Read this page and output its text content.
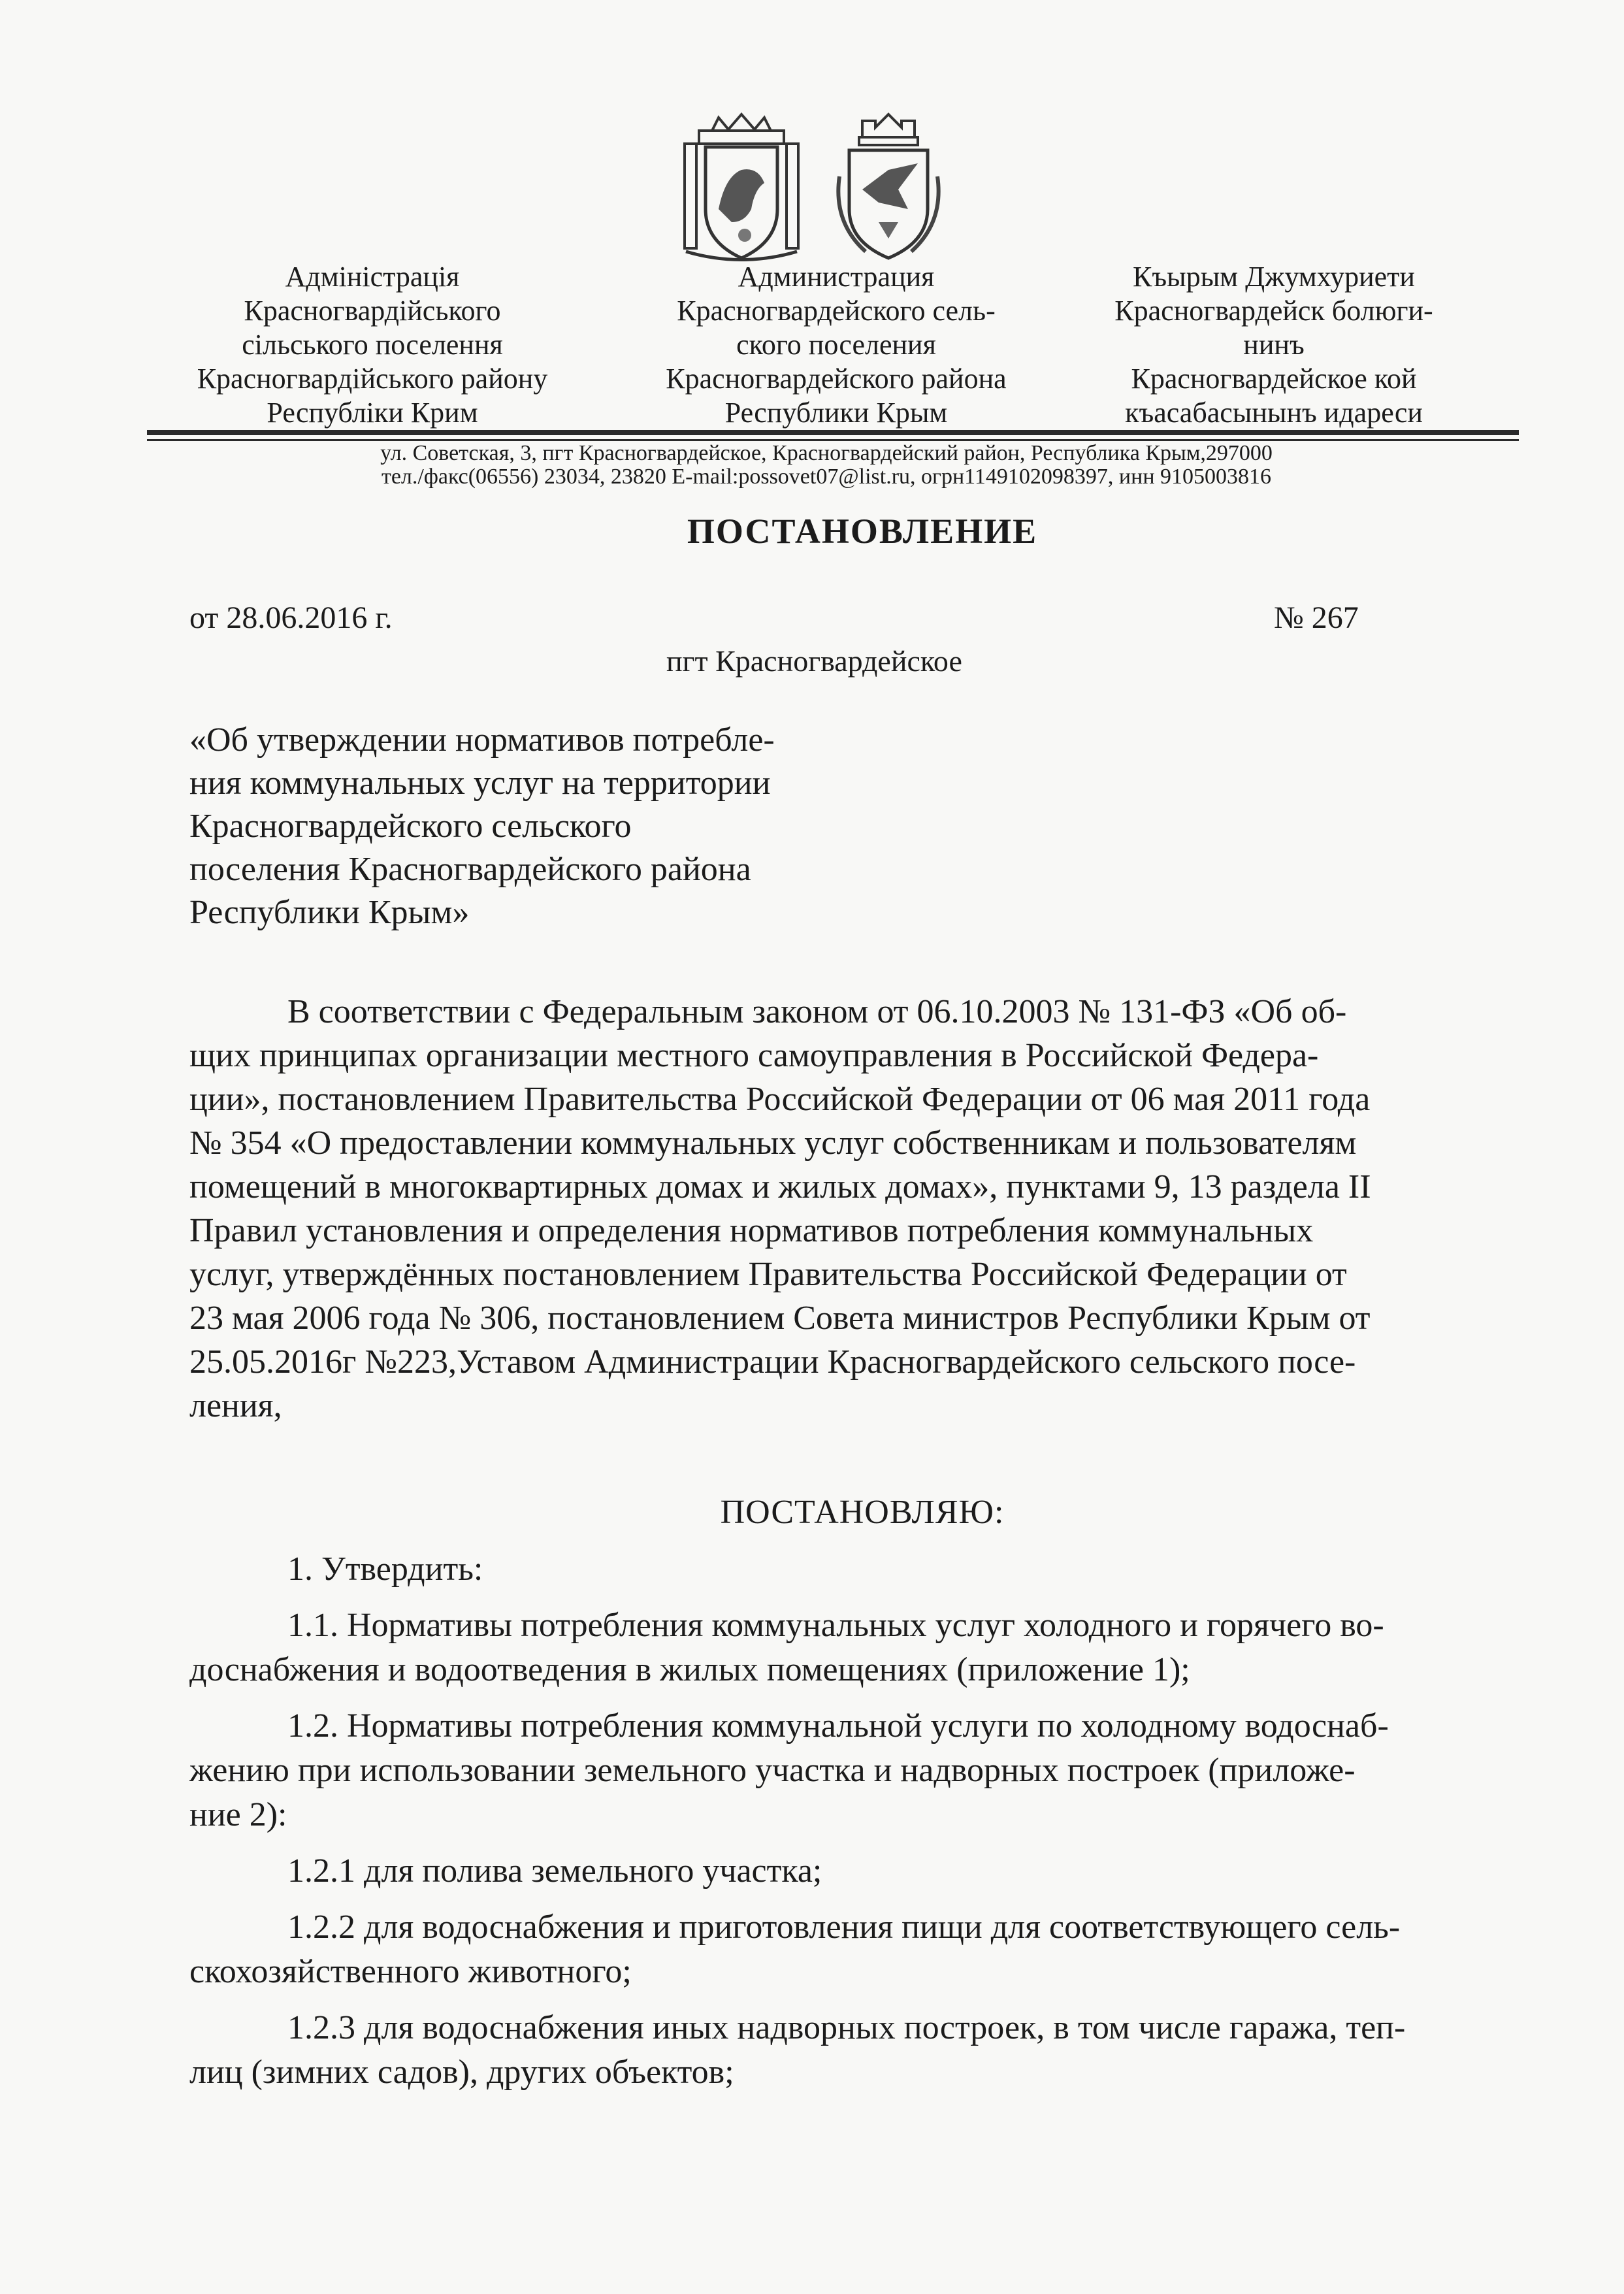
Адміністрація
Красногвардійського
сільського поселення
Красногвардійського району
Республіки Крим
Администрация
Красногвардейского сель-
ского поселения
Красногвардейского района
Республики Крым
Къырым Джумхуриети
Красногвардейск болюги-
нинъ
Красногвардейское кой
къасабасынынъ идареси
ул. Советская, 3, пгт Красногвардейское, Красногвардейский район, Республика Крым,297000
тел./факс(06556) 23034, 23820 E-mail:possovet07@list.ru, огрн1149102098397, инн 9105003816
ПОСТАНОВЛЕНИЕ
от 28.06.2016 г.	№ 267
пгт Красногвардейское
«Об утверждении нормативов потребле-
ния коммунальных услуг на территории
Красногвардейского сельского
поселения Красногвардейского района
Республики Крым»
В соответствии с Федеральным законом от 06.10.2003 № 131-ФЗ «Об об-
щих принципах организации местного самоуправления в Российской Федера-
ции», постановлением Правительства Российской Федерации от 06 мая 2011 года
№ 354 «О предоставлении коммунальных услуг собственникам и пользователям
помещений в многоквартирных домах и жилых домах», пунктами 9, 13 раздела II
Правил установления и определения нормативов потребления коммунальных
услуг, утверждённых постановлением Правительства Российской Федерации от
23 мая 2006 года № 306, постановлением Совета министров Республики Крым от
25.05.2016г №223,Уставом Администрации Красногвардейского сельского посе-
ления,
ПОСТАНОВЛЯЮ:
1. Утвердить:
1.1. Нормативы потребления коммунальных услуг холодного и горячего во-
доснабжения и водоотведения в жилых помещениях (приложение 1);
1.2. Нормативы потребления коммунальной услуги по холодному водоснаб-
жению при использовании земельного участка и надворных построек (приложе-
ние 2):
1.2.1 для полива земельного участка;
1.2.2 для водоснабжения и приготовления пищи для соответствующего сель-
скохозяйственного животного;
1.2.3 для водоснабжения иных надворных построек, в том числе гаража, теп-
лиц (зимних садов), других объектов;
